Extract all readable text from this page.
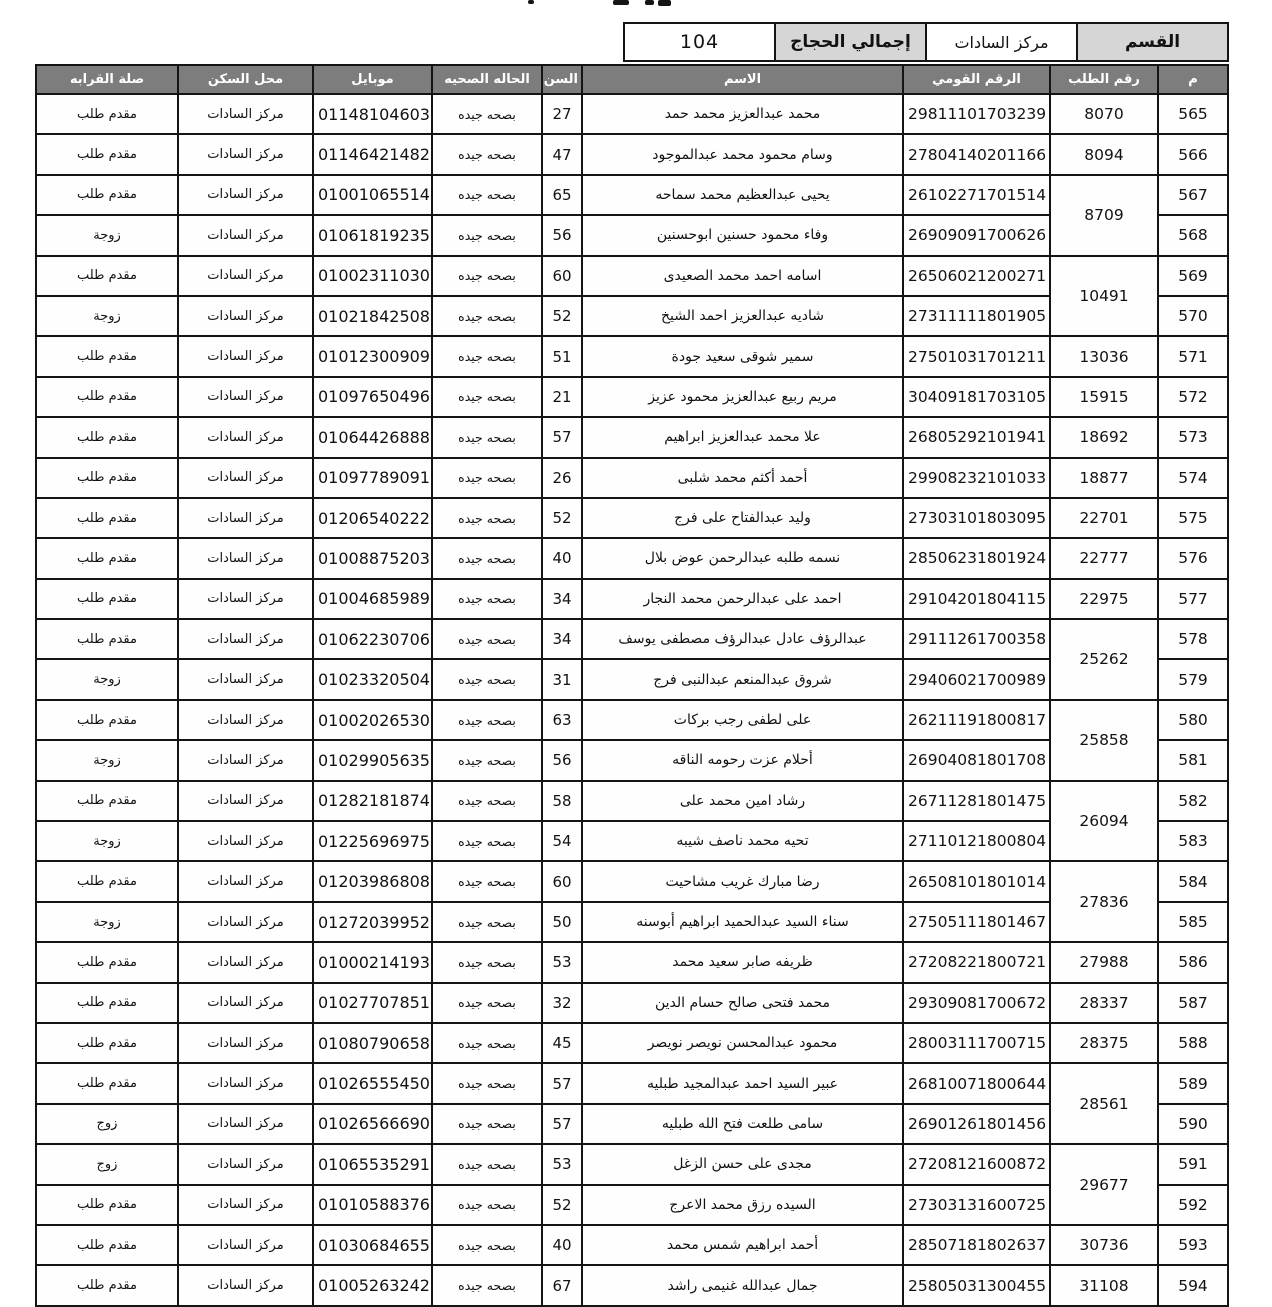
القسم
مركز السادات
إجمالي الحجاج
104
م	رقم الطلب	الرقم القومي	الاسم	السن	الحاله الصحيه	موبايل	محل السكن	صلة القرابه
565	8070	29811101703239	محمد عبدالعزيز محمد حمد	27	بصحه جيده	01148104603	مركز السادات	مقدم طلب
566	8094	27804140201166	وسام محمود محمد عبدالموجود	47	بصحه جيده	01146421482	مركز السادات	مقدم طلب
567	8709	26102271701514	يحيى عبدالعظيم محمد سماحه	65	بصحه جيده	01001065514	مركز السادات	مقدم طلب
568		26909091700626	وفاء محمود حسنين ابوحسنين	56	بصحه جيده	01061819235	مركز السادات	زوجة
569	10491	26506021200271	اسامه احمد محمد الصعيدى	60	بصحه جيده	01002311030	مركز السادات	مقدم طلب
570		27311111801905	شاديه عبدالعزيز احمد الشيخ	52	بصحه جيده	01021842508	مركز السادات	زوجة
571	13036	27501031701211	سمير شوقى سعيد جودة	51	بصحه جيده	01012300909	مركز السادات	مقدم طلب
572	15915	30409181703105	مريم ربيع عبدالعزيز محمود عزيز	21	بصحه جيده	01097650496	مركز السادات	مقدم طلب
573	18692	26805292101941	علا محمد عبدالعزيز ابراهيم	57	بصحه جيده	01064426888	مركز السادات	مقدم طلب
574	18877	29908232101033	أحمد أكثم محمد شلبى	26	بصحه جيده	01097789091	مركز السادات	مقدم طلب
575	22701	27303101803095	وليد عبدالفتاح على فرج	52	بصحه جيده	01206540222	مركز السادات	مقدم طلب
576	22777	28506231801924	نسمه طلبه عبدالرحمن عوض بلال	40	بصحه جيده	01008875203	مركز السادات	مقدم طلب
577	22975	29104201804115	احمد على عبدالرحمن محمد النجار	34	بصحه جيده	01004685989	مركز السادات	مقدم طلب
578	25262	29111261700358	عبدالرؤف عادل عبدالرؤف مصطفى يوسف	34	بصحه جيده	01062230706	مركز السادات	مقدم طلب
579		29406021700989	شروق عبدالمنعم عبدالنبى فرج	31	بصحه جيده	01023320504	مركز السادات	زوجة
580	25858	26211191800817	على لطفى رجب بركات	63	بصحه جيده	01002026530	مركز السادات	مقدم طلب
581		26904081801708	أحلام عزت رحومه الناقه	56	بصحه جيده	01029905635	مركز السادات	زوجة
582	26094	26711281801475	رشاد امين محمد على	58	بصحه جيده	01282181874	مركز السادات	مقدم طلب
583		27110121800804	تحيه محمد ناصف شيبه	54	بصحه جيده	01225696975	مركز السادات	زوجة
584	27836	26508101801014	رضا مبارك غريب مشاحيت	60	بصحه جيده	01203986808	مركز السادات	مقدم طلب
585		27505111801467	سناء السيد عبدالحميد ابراهيم أبوسنه	50	بصحه جيده	01272039952	مركز السادات	زوجة
586	27988	27208221800721	ظريفه صابر سعيد محمد	53	بصحه جيده	01000214193	مركز السادات	مقدم طلب
587	28337	29309081700672	محمد فتحى صالح حسام الدين	32	بصحه جيده	01027707851	مركز السادات	مقدم طلب
588	28375	28003111700715	محمود عبدالمحسن نويصر نويصر	45	بصحه جيده	01080790658	مركز السادات	مقدم طلب
589	28561	26810071800644	عبير السيد احمد عبدالمجيد طبليه	57	بصحه جيده	01026555450	مركز السادات	مقدم طلب
590		26901261801456	سامى طلعت فتح الله طبليه	57	بصحه جيده	01026566690	مركز السادات	زوج
591	29677	27208121600872	مجدى على حسن الزغل	53	بصحه جيده	01065535291	مركز السادات	زوج
592		27303131600725	السيده رزق محمد الاعرج	52	بصحه جيده	01010588376	مركز السادات	مقدم طلب
593	30736	28507181802637	أحمد ابراهيم شمس محمد	40	بصحه جيده	01030684655	مركز السادات	مقدم طلب
594	31108	25805031300455	جمال عبدالله غنيمى راشد	67	بصحه جيده	01005263242	مركز السادات	مقدم طلب
